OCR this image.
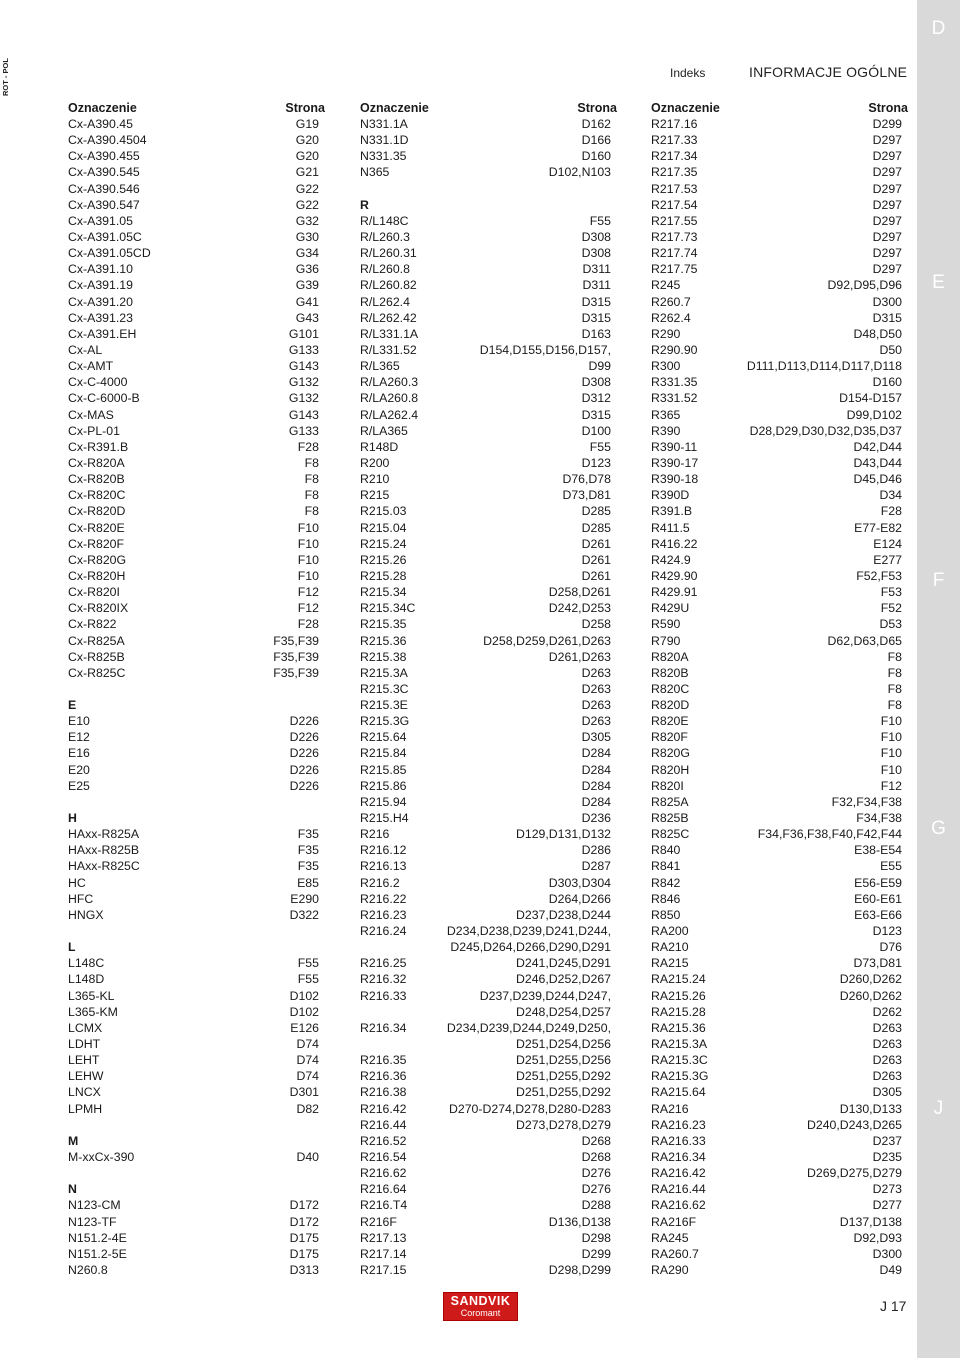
Indeks	INFORMACJE OGÓLNE
D
E
F
G
J
Oznaczenie	Strona
Cx-A390.45	G19
Cx-A390.4504	G20
Cx-A390.455	G20
Cx-A390.545	G21
Cx-A390.546	G22
Cx-A390.547	G22
Cx-A391.05	G32
Cx-A391.05C	G30
Cx-A391.05CD	G34
Cx-A391.10	G36
Cx-A391.19	G39
Cx-A391.20	G41
Cx-A391.23	G43
Cx-A391.EH	G101
Cx-AL	G133
Cx-AMT	G143
Cx-C-4000	G132
Cx-C-6000-B	G132
Cx-MAS	G143
Cx-PL-01	G133
Cx-R391.B	F28
Cx-R820A	F8
Cx-R820B	F8
Cx-R820C	F8
Cx-R820D	F8
Cx-R820E	F10
Cx-R820F	F10
Cx-R820G	F10
Cx-R820H	F10
Cx-R820I	F12
Cx-R820IX	F12
Cx-R822	F28
Cx-R825A	F35,F39
Cx-R825B	F35,F39
Cx-R825C	F35,F39
E
E10	D226
E12	D226
E16	D226
E20	D226
E25	D226
H
HAxx-R825A	F35
HAxx-R825B	F35
HAxx-R825C	F35
HC	E85
HFC	E290
HNGX	D322
L
L148C	F55
L148D	F55
L365-KL	D102
L365-KM	D102
LCMX	E126
LDHT	D74
LEHT	D74
LEHW	D74
LNCX	D301
LPMH	D82
M
M-xxCx-390	D40
N
N123-CM	D172
N123-TF	D172
N151.2-4E	D175
N151.2-5E	D175
N260.8	D313
Oznaczenie	Strona
N331.1A	D162
N331.1D	D166
N331.35	D160
N365	D102,N103
R
R/L148C	F55
R/L260.3	D308
R/L260.31	D308
R/L260.8	D311
R/L260.82	D311
R/L262.4	D315
R/L262.42	D315
R/L331.1A	D163
R/L331.52	D154,D155,D156,D157,
R/L365	D99
R/LA260.3	D308
R/LA260.8	D312
R/LA262.4	D315
R/LA365	D100
R148D	F55
R200	D123
R210	D76,D78
R215	D73,D81
R215.03	D285
R215.04	D285
R215.24	D261
R215.26	D261
R215.28	D261
R215.34	D258,D261
R215.34C	D242,D253
R215.35	D258
R215.36	D258,D259,D261,D263
R215.38	D261,D263
R215.3A	D263
R215.3C	D263
R215.3E	D263
R215.3G	D263
R215.64	D305
R215.84	D284
R215.85	D284
R215.86	D284
R215.94	D284
R215.H4	D236
R216	D129,D131,D132
R216.12	D286
R216.13	D287
R216.2	D303,D304
R216.22	D264,D266
R216.23	D237,D238,D244
R216.24	D234,D238,D239,D241,D244,
D245,D264,D266,D290,D291
R216.25	D241,D245,D291
R216.32	D246,D252,D267
R216.33	D237,D239,D244,D247,
D248,D254,D257
R216.34	D234,D239,D244,D249,D250,
D251,D254,D256
R216.35	D251,D255,D256
R216.36	D251,D255,D292
R216.38	D251,D255,D292
R216.42	D270-D274,D278,D280-D283
R216.44	D273,D278,D279
R216.52	D268
R216.54	D268
R216.62	D276
R216.64	D276
R216.T4	D288
R216F	D136,D138
R217.13	D298
R217.14	D299
R217.15	D298,D299
Oznaczenie	Strona
R217.16	D299
R217.33	D297
R217.34	D297
R217.35	D297
R217.53	D297
R217.54	D297
R217.55	D297
R217.73	D297
R217.74	D297
R217.75	D297
R245	D92,D95,D96
R260.7	D300
R262.4	D315
R290	D48,D50
R290.90	D50
R300	D111,D113,D114,D117,D118
R331.35	D160
R331.52	D154-D157
R365	D99,D102
R390	D28,D29,D30,D32,D35,D37
R390-11	D42,D44
R390-17	D43,D44
R390-18	D45,D46
R390D	D34
R391.B	F28
R411.5	E77-E82
R416.22	E124
R424.9	E277
R429.90	F52,F53
R429.91	F53
R429U	F52
R590	D53
R790	D62,D63,D65
R820A	F8
R820B	F8
R820C	F8
R820D	F8
R820E	F10
R820F	F10
R820G	F10
R820H	F10
R820I	F12
R825A	F32,F34,F38
R825B	F34,F38
R825C	F34,F36,F38,F40,F42,F44
R840	E38-E54
R841	E55
R842	E56-E59
R846	E60-E61
R850	E63-E66
RA200	D123
RA210	D76
RA215	D73,D81
RA215.24	D260,D262
RA215.26	D260,D262
RA215.28	D262
RA215.36	D263
RA215.3A	D263
RA215.3C	D263
RA215.3G	D263
RA215.64	D305
RA216	D130,D133
RA216.23	D240,D243,D265
RA216.33	D237
RA216.34	D235
RA216.42	D269,D275,D279
RA216.44	D273
RA216.62	D277
RA216F	D137,D138
RA245	D92,D93
RA260.7	D300
RA290	D49
SANDVIK
Coromant	J 17
